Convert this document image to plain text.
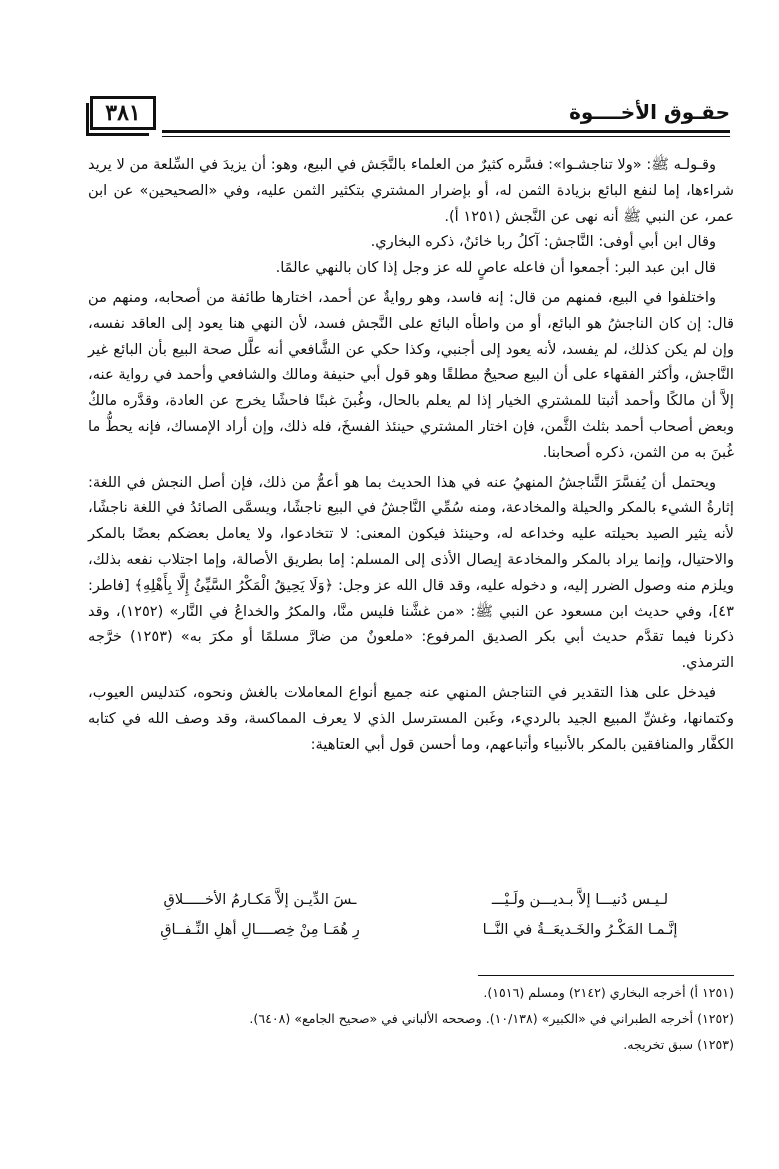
٣٨١	حقـوق الأخــــوة

وقـولـه ﷺ: «ولا تناجشـوا»: فسَّره كثيرٌ من العلماء بالنَّجَش في البيع، وهو: أن يزيدَ في السِّلعة من لا يريد شراءها، إما لنفع البائع بزيادة الثمن له، أو بإضرار المشتري بتكثير الثمن عليه، وفي «الصحيحين» عن ابن عمر، عن النبي ﷺ أنه نهى عن النَّجش (١٢٥١ أ).

وقال ابن أبي أوفى: النَّاجش: آكلُ ربا خائنٌ، ذكره البخاري.

قال ابن عبد البر: أجمعوا أن فاعله عاصٍ لله عز وجل إذا كان بالنهي عالمًا.

واختلفوا في البيع، فمنهم من قال: إنه فاسد، وهو روايةٌ عن أحمد، اختارها طائفة من أصحابه، ومنهم من قال: إن كان الناجشُ هو البائع، أو من واطأه البائع على النَّجش فسد، لأن النهي هنا يعود إلى العاقد نفسه، وإن لم يكن كذلك، لم يفسد، لأنه يعود إلى أجنبي، وكذا حكي عن الشَّافعي أنه علَّل صحة البيع بأن البائع غير النَّاجش، وأكثر الفقهاء على أن البيع صحيحٌ مطلقًا وهو قول أبي حنيفة ومالك والشافعي وأحمد في رواية عنه، إلاَّ أن مالكًا وأحمد أثبتا للمشتري الخيار إذا لم يعلم بالحال، وغُبنَ غبنًا فاحشًا يخرج عن العادة، وقدَّره مالكٌ وبعض أصحاب أحمد بثلث الثَّمن، فإن اختار المشتري حينئذ الفسخَ، فله ذلك، وإن أراد الإمساك، فإنه يحطُّ ما غُبنَ به من الثمن، ذكره أصحابنا.

ويحتمل أن يُفسَّرَ التَّناجشُ المنهيُ عنه في هذا الحديث بما هو أعمُّ من ذلك، فإن أصل النجش في اللغة: إثارةُ الشيء بالمكر والحيلة والمخادعة، ومنه سُمِّي النَّاجشُ في البيع ناجشًا، ويسمَّى الصائدُ في اللغة ناجشًا، لأنه يثير الصيد بحيلته عليه وخداعه له، وحينئذ فيكون المعنى: لا تتخادعوا، ولا يعامل بعضكم بعضًا بالمكر والاحتيال، وإنما يراد بالمكر والمخادعة إيصال الأذى إلى المسلم: إما بطريق الأصالة، وإما اجتلاب نفعه بذلك، ويلزم منه وصول الضرر إليه، و دخوله عليه، وقد قال الله عز وجل: ﴿وَلَا يَحِيقُ الْمَكْرُ السَّيِّئُ إِلَّا بِأَهْلِهِ﴾ [فاطر: ٤٣]، وفي حديث ابن مسعود عن النبي ﷺ: «من غشَّنا فليس منَّا، والمكرُ والخداعُ في النَّار» (١٢٥٢)، وقد ذكرنا فيما تقدَّم حديث أبي بكر الصديق المرفوع: «ملعونٌ من ضارَّ مسلمًا أو مكرَ به» (١٢٥٣) خرَّجه الترمذي.

فيدخل على هذا التقدير في التناجش المنهي عنه جميع أنواع المعاملات بالغش ونحوه، كتدليس العيوب، وكتمانها، وغشِّ المبيع الجيد بالرديء، وغَبن المسترسل الذي لا يعرف المماكسة، وقد وصف الله في كتابه الكفَّار والمنافقين بالمكر بالأنبياء وأتباعهم، وما أحسن قول أبي العتاهية:

لـيـس دُنيـــا إلاَّ بـديـــن ولَـيْـــ
ـسَ الدِّيـن إلاَّ مَكـارمُ الأخـــــلاقِ
إنَّـمـا المَكْـرُ والخَـديعَــةُ في النَّــا
رِ هُمَـا مِنْ خِصــــالِ أهلِ النِّـفــاقِ
(١٢٥١ أ) أخرجه البخاري (٢١٤٢) ومسلم (١٥١٦).
(١٢٥٢) أخرجه الطبراني في «الكبير» (١٠/١٣٨). وصححه الألباني في «صحيح الجامع» (٦٤٠٨).
(١٢٥٣) سبق تخريجه.
